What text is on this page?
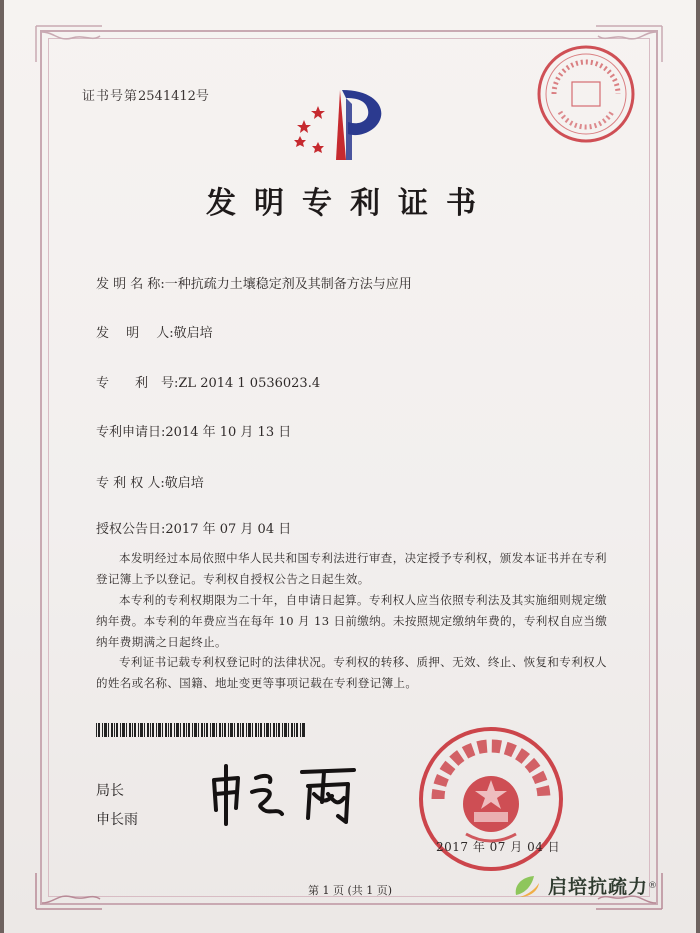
证书号第2541412号
发明专利证书
发 明 名 称:一种抗疏力土壤稳定剂及其制备方法与应用
发　 明 　人:敬启培
专　　利　号:ZL 2014 1 0536023.4
专利申请日:2014 年 10 月 13 日
专 利 权 人:敬启培
授权公告日:2017 年 07 月 04 日
本发明经过本局依照中华人民共和国专利法进行审查，决定授予专利权，颁发本证书并在专利登记簿上予以登记。专利权自授权公告之日起生效。
本专利的专利权期限为二十年，自申请日起算。专利权人应当依照专利法及其实施细则规定缴纳年费。本专利的年费应当在每年 10 月 13 日前缴纳。未按照规定缴纳年费的，专利权自应当缴纳年费期满之日起终止。
专利证书记载专利权登记时的法律状况。专利权的转移、质押、无效、终止、恢复和专利权人的姓名或名称、国籍、地址变更等事项记载在专利登记簿上。
局长
申长雨
2017 年 07 月 04 日
第 1 页 (共 1 页)	启培抗疏力 ®
